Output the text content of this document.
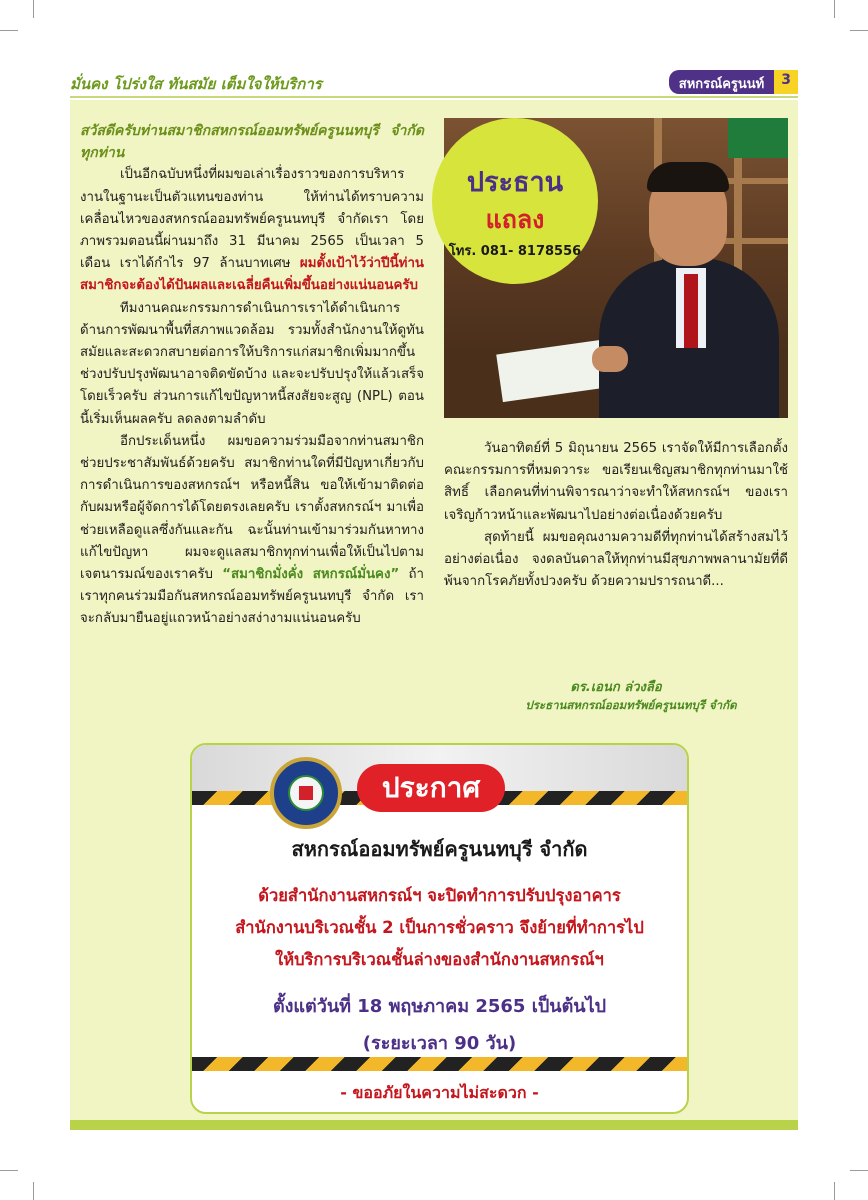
มั่นคง โปร่งใส ทันสมัย เต็มใจให้บริการ	สหกรณ์ครูนนท์	3

สวัสดีครับท่านสมาชิกสหกรณ์ออมทรัพย์ครูนนทบุรี จำกัด ทุกท่าน

เป็นอีกฉบับหนึ่งที่ผมขอเล่าเรื่องราวของการบริหารงานในฐานะเป็นตัวแทนของท่าน ให้ท่านได้ทราบความเคลื่อนไหวของสหกรณ์ออมทรัพย์ครูนนทบุรี จำกัดเรา โดยภาพรวมตอนนี้ผ่านมาถึง 31 มีนาคม 2565 เป็นเวลา 5 เดือน เราได้กำไร 97 ล้านบาทเศษ ผมตั้งเป้าไว้ว่าปีนี้ท่านสมาชิกจะต้องได้ปันผลและเฉลี่ยคืนเพิ่มขึ้นอย่างแน่นอนครับ

ทีมงานคณะกรรมการดำเนินการเราได้ดำเนินการด้านการพัฒนาพื้นที่สภาพแวดล้อม รวมทั้งสำนักงานให้ดูทันสมัยและสะดวกสบายต่อการให้บริการแก่สมาชิกเพิ่มมากขึ้น ช่วงปรับปรุงพัฒนาอาจติดขัดบ้าง และจะปรับปรุงให้แล้วเสร็จโดยเร็วครับ ส่วนการแก้ไขปัญหาหนี้สงสัยจะสูญ (NPL) ตอนนี้เริ่มเห็นผลครับ ลดลงตามลำดับ

อีกประเด็นหนึ่ง ผมขอความร่วมมือจากท่านสมาชิกช่วยประชาสัมพันธ์ด้วยครับ สมาชิกท่านใดที่มีปัญหาเกี่ยวกับการดำเนินการของสหกรณ์ฯ หรือหนี้สิน ขอให้เข้ามาติดต่อกับผมหรือผู้จัดการได้โดยตรงเลยครับ เราตั้งสหกรณ์ฯ มาเพื่อช่วยเหลือดูแลซึ่งกันและกัน ฉะนั้นท่านเข้ามาร่วมกันหาทางแก้ไขปัญหา ผมจะดูแลสมาชิกทุกท่านเพื่อให้เป็นไปตามเจตนารมณ์ของเราครับ “สมาชิกมั่งคั่ง สหกรณ์มั่นคง” ถ้าเราทุกคนร่วมมือกันสหกรณ์ออมทรัพย์ครูนนทบุรี จำกัด เราจะกลับมายืนอยู่แถวหน้าอย่างสง่างามแน่นอนครับ

ประธาน
แถลง
โทร. 081- 8178556

วันอาทิตย์ที่ 5 มิถุนายน 2565 เราจัดให้มีการเลือกตั้งคณะกรรมการที่หมดวาระ ขอเรียนเชิญสมาชิกทุกท่านมาใช้สิทธิ์ เลือกคนที่ท่านพิจารณาว่าจะทำให้สหกรณ์ฯ ของเราเจริญก้าวหน้าและพัฒนาไปอย่างต่อเนื่องด้วยครับ

สุดท้ายนี้ ผมขอคุณงามความดีที่ทุกท่านได้สร้างสมไว้อย่างต่อเนื่อง จงดลบันดาลให้ทุกท่านมีสุขภาพพลานามัยที่ดี พ้นจากโรคภัยทั้งปวงครับ ด้วยความปรารถนาดี...

ดร.เอนก ล่วงลือ
ประธานสหกรณ์ออมทรัพย์ครูนนทบุรี จำกัด
ประกาศ
สหกรณ์ออมทรัพย์ครูนนทบุรี จำกัด
ด้วยสำนักงานสหกรณ์ฯ จะปิดทำการปรับปรุงอาคาร
สำนักงานบริเวณชั้น 2 เป็นการชั่วคราว จึงย้ายที่ทำการไป
ให้บริการบริเวณชั้นล่างของสำนักงานสหกรณ์ฯ
ตั้งแต่วันที่ 18 พฤษภาคม 2565 เป็นต้นไป
(ระยะเวลา 90 วัน)
- ขออภัยในความไม่สะดวก -
